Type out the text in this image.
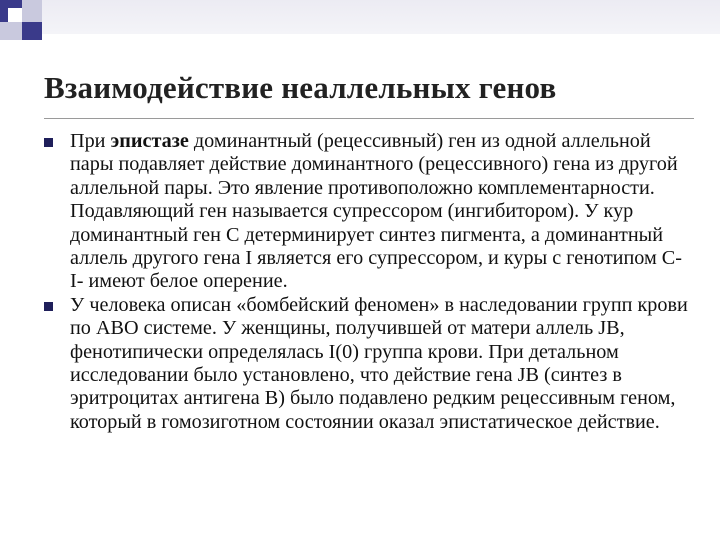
Взаимодействие неаллельных генов
При эпистазе доминантный (рецессивный) ген из одной аллельной пары подавляет действие доминантного (рецессивного) гена из другой аллельной пары. Это явление противоположно комплементарности. Подавляющий ген называется супрессором (ингибитором). У кур доминантный ген С детерминирует синтез пигмента, а доминантный аллель другого гена I является его супрессором, и куры с генотипом С-I- имеют белое оперение.
У человека описан «бомбейский феномен» в наследовании групп крови по АВО системе. У женщины, получившей от матери аллель JB, фенотипически определялась I(0) группа крови. При детальном исследовании было установлено, что действие гена JB (синтез в эритроцитах антигена В) было подавлено редким рецессивным геном, который в гомозиготном состоянии оказал эпистатическое действие.
